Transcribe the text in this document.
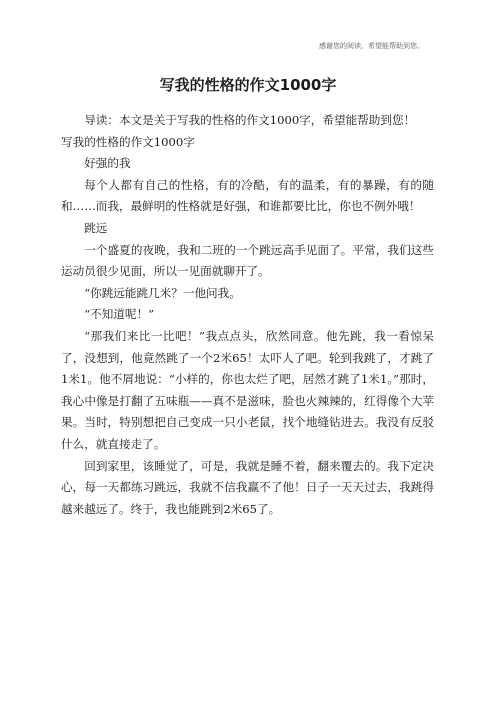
感谢您的阅读，希望能帮助到您。
写我的性格的作文1000字

导读：本文是关于写我的性格的作文1000字，希望能帮助到您！

写我的性格的作文1000字

好强的我

每个人都有自己的性格，有的冷酷，有的温柔，有的暴躁，有的随和……而我，最鲜明的性格就是好强，和谁都要比比，你也不例外哦！

跳远

一个盛夏的夜晚，我和二班的一个跳远高手见面了。平常，我们这些运动员很少见面，所以一见面就聊开了。

“你跳远能跳几米？一他问我。

“不知道呢！”

“那我们来比一比吧！”我点点头，欣然同意。他先跳，我一看惊呆了，没想到，他竟然跳了一个2米65！太吓人了吧。轮到我跳了，才跳了1米1。他不屑地说：“小样的，你也太烂了吧，居然才跳了1米1。”那时，我心中像是打翻了五味瓶——真不是滋味，脸也火辣辣的，红得像个大苹果。当时，特别想把自己变成一只小老鼠，找个地缝钻进去。我没有反驳什么，就直接走了。

回到家里，该睡觉了，可是，我就是睡不着，翻来覆去的。我下定决心，每一天都练习跳远，我就不信我赢不了他！日子一天天过去，我跳得越来越远了。终于，我也能跳到2米65了。
